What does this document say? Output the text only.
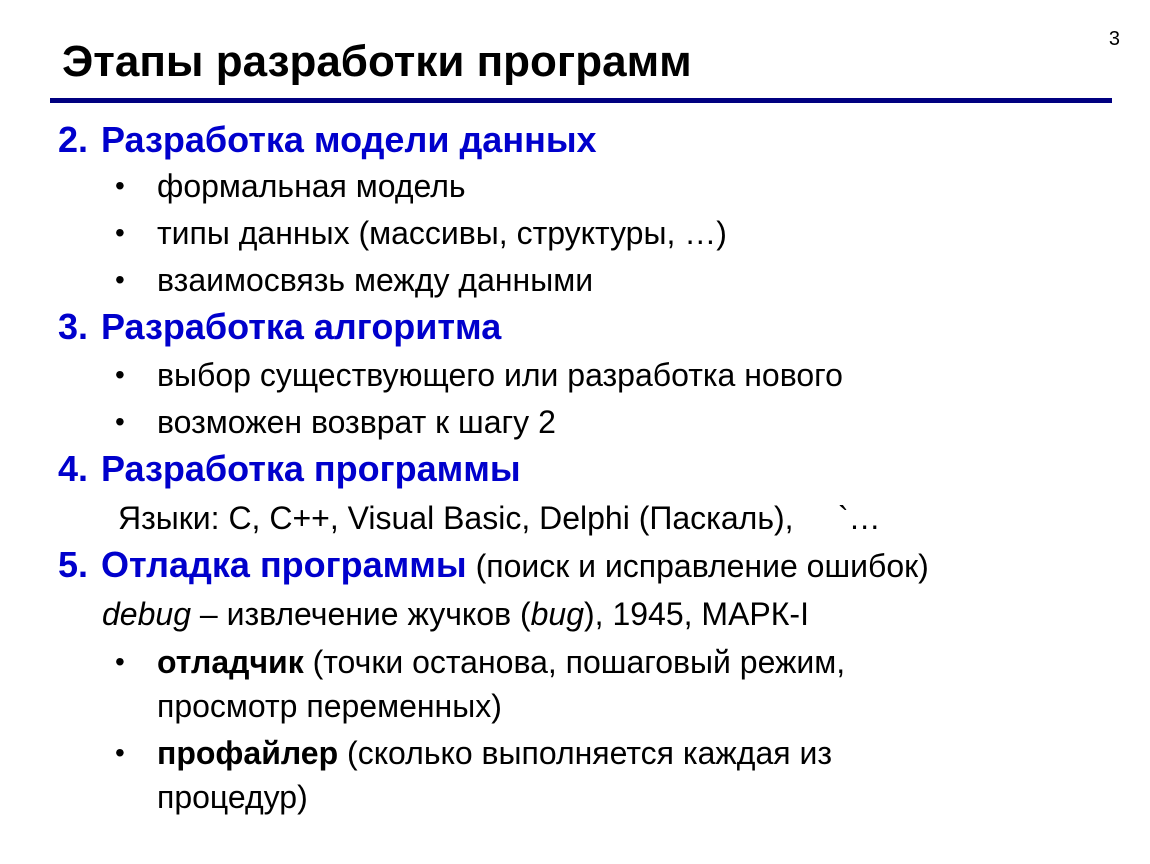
3
Этапы разработки программ
2. Разработка модели данных
• формальная модель
• типы данных (массивы, структуры, …)
• взаимосвязь между данными
3. Разработка алгоритма
• выбор существующего или разработка нового
• возможен возврат к шагу 2
4. Разработка программы
Языки: C, C++, Visual Basic, Delphi (Паскаль),     `…
5. Отладка программы (поиск и исправление ошибок)
debug – извлечение жучков (bug), 1945, МАРК-I
• отладчик (точки останова, пошаговый режим,
просмотр переменных)
• профайлер (сколько выполняется каждая из
процедур)
